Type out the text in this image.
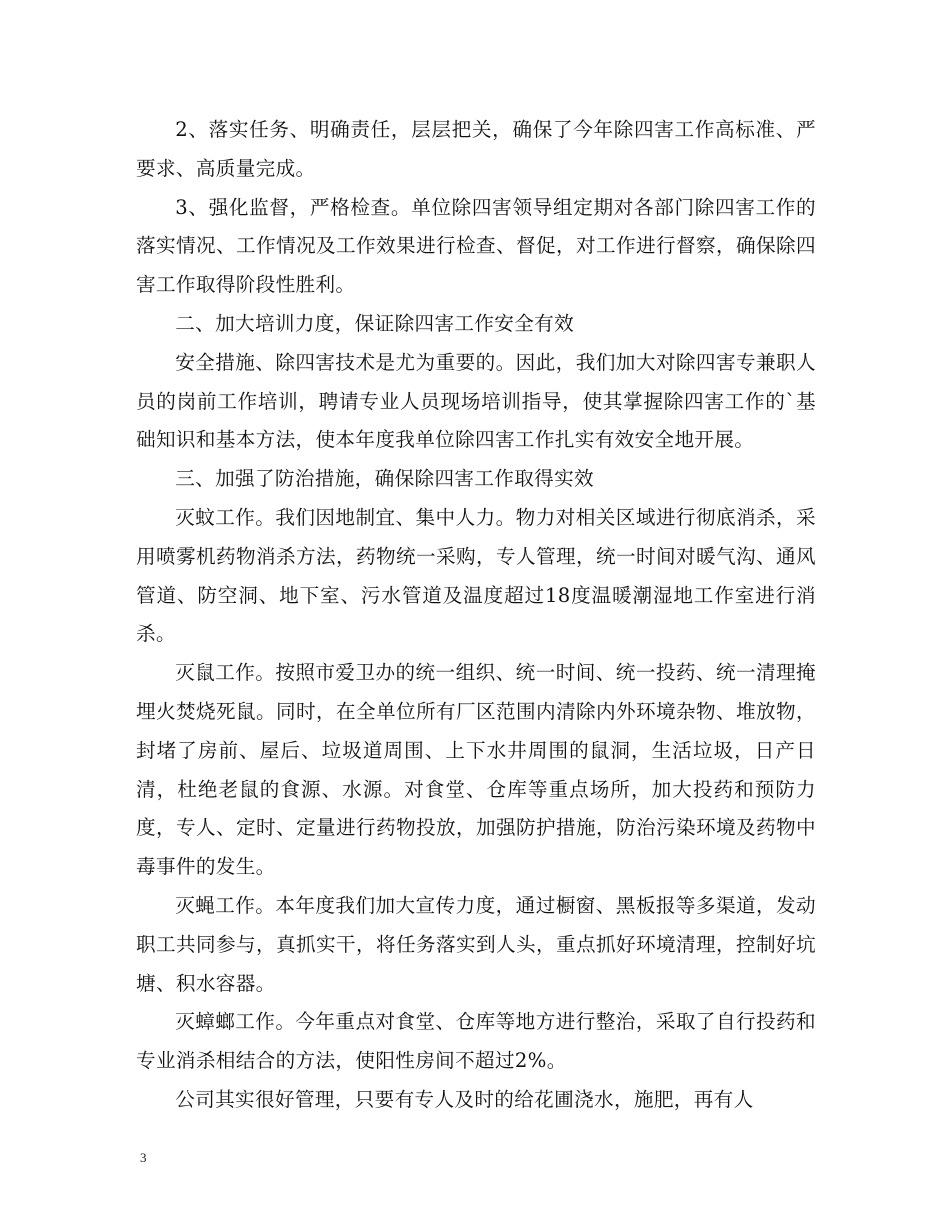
2、落实任务、明确责任，层层把关，确保了今年除四害工作高标准、严要求、高质量完成。

3、强化监督，严格检查。单位除四害领导组定期对各部门除四害工作的落实情况、工作情况及工作效果进行检查、督促，对工作进行督察，确保除四害工作取得阶段性胜利。

二、加大培训力度，保证除四害工作安全有效

安全措施、除四害技术是尤为重要的。因此，我们加大对除四害专兼职人员的岗前工作培训，聘请专业人员现场培训指导，使其掌握除四害工作的`基础知识和基本方法，使本年度我单位除四害工作扎实有效安全地开展。

三、加强了防治措施，确保除四害工作取得实效

灭蚊工作。我们因地制宜、集中人力。物力对相关区域进行彻底消杀，采用喷雾机药物消杀方法，药物统一采购，专人管理，统一时间对暖气沟、通风管道、防空洞、地下室、污水管道及温度超过18度温暖潮湿地工作室进行消杀。

灭鼠工作。按照市爱卫办的统一组织、统一时间、统一投药、统一清理掩埋火焚烧死鼠。同时，在全单位所有厂区范围内清除内外环境杂物、堆放物，封堵了房前、屋后、垃圾道周围、上下水井周围的鼠洞，生活垃圾，日产日清，杜绝老鼠的食源、水源。对食堂、仓库等重点场所，加大投药和预防力度，专人、定时、定量进行药物投放，加强防护措施，防治污染环境及药物中毒事件的发生。

灭蝇工作。本年度我们加大宣传力度，通过橱窗、黑板报等多渠道，发动职工共同参与，真抓实干，将任务落实到人头，重点抓好环境清理，控制好坑塘、积水容器。

灭蟑螂工作。今年重点对食堂、仓库等地方进行整治，采取了自行投药和专业消杀相结合的方法，使阳性房间不超过2%。

公司其实很好管理，只要有专人及时的给花圃浇水，施肥，再有人

3
